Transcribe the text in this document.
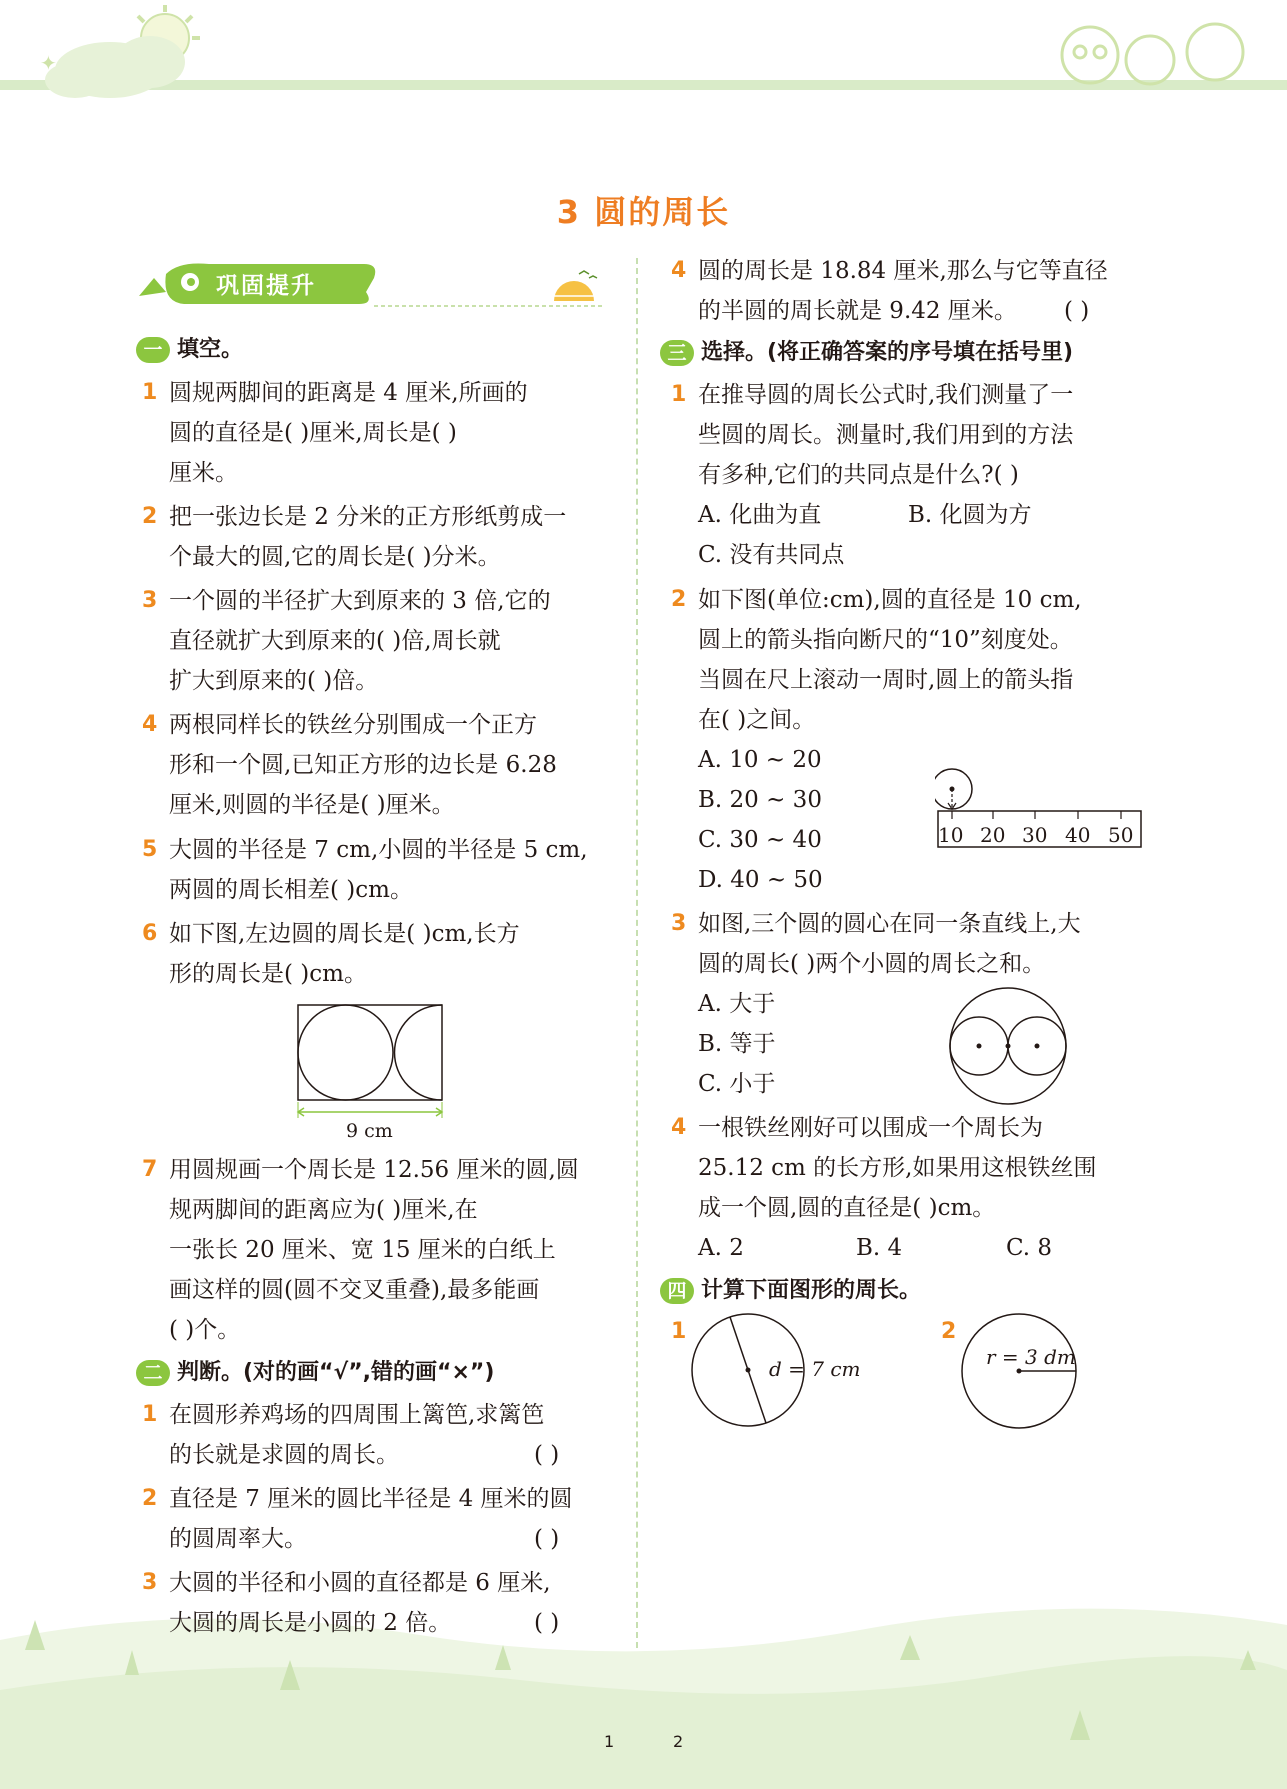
✦
3 圆的周长
巩固提升
一 填空。
1 圆规两脚间的距离是 4 厘米,所画的
圆的直径是( )厘米,周长是( )
厘米。
2 把一张边长是 2 分米的正方形纸剪成一
个最大的圆,它的周长是( )分米。
3 一个圆的半径扩大到原来的 3 倍,它的
直径就扩大到原来的( )倍,周长就
扩大到原来的( )倍。
4 两根同样长的铁丝分别围成一个正方
形和一个圆,已知正方形的边长是 6.28
厘米,则圆的半径是( )厘米。
5 大圆的半径是 7 cm,小圆的半径是 5 cm,
两圆的周长相差( )cm。
6 如下图,左边圆的周长是( )cm,长方
形的周长是( )cm。
9 cm
7 用圆规画一个周长是 12.56 厘米的圆,圆
规两脚间的距离应为( )厘米,在
一张长 20 厘米、宽 15 厘米的白纸上
画这样的圆(圆不交叉重叠),最多能画
( )个。
二 判断。(对的画“√”,错的画“×”)
1 在圆形养鸡场的四周围上篱笆,求篱笆
的长就是求圆的周长。	( )
2 直径是 7 厘米的圆比半径是 4 厘米的圆
的圆周率大。	( )
3 大圆的半径和小圆的直径都是 6 厘米,
大圆的周长是小圆的 2 倍。	( )
4 圆的周长是 18.84 厘米,那么与它等直径
的半圆的周长就是 9.42 厘米。 ( )
三 选择。(将正确答案的序号填在括号里)
1 在推导圆的周长公式时,我们测量了一
些圆的周长。测量时,我们用到的方法
有多种,它们的共同点是什么?( )
A. 化曲为直	B. 化圆为方
C. 没有共同点
2 如下图(单位:cm),圆的直径是 10 cm,
圆上的箭头指向断尺的“10”刻度处。
当圆在尺上滚动一周时,圆上的箭头指
在( )之间。
A. 10 ~ 20
B. 20 ~ 30
C. 30 ~ 40
D. 40 ~ 50
10 20 30 40 50
3 如图,三个圆的圆心在同一条直线上,大
圆的周长( )两个小圆的周长之和。
A. 大于
B. 等于
C. 小于
4 一根铁丝刚好可以围成一个周长为
25.12 cm 的长方形,如果用这根铁丝围
成一个圆,圆的直径是( )cm。
A. 2	B. 4	C. 8
四 计算下面图形的周长。
1
d = 7 cm
2
r = 3 dm
1	2
